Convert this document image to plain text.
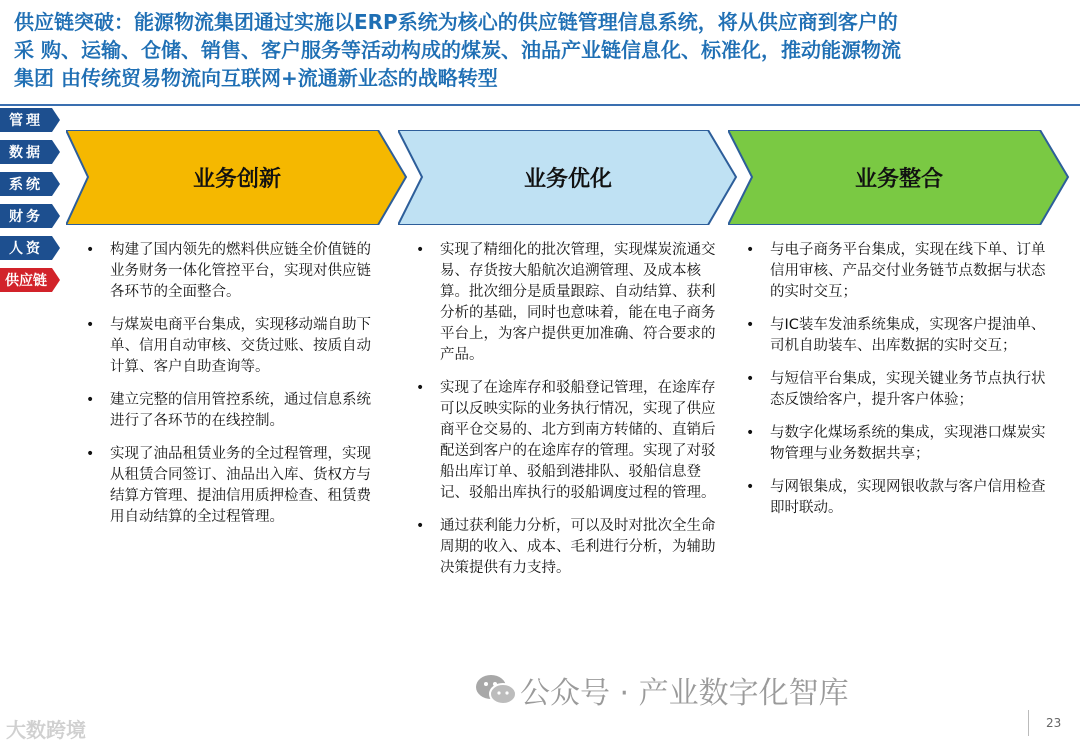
供应链突破：能源物流集团通过实施以ERP系统为核心的供应链管理信息系统，将从供应商到客户的
采 购、运输、仓储、销售、客户服务等活动构成的煤炭、油品产业链信息化、标准化，推动能源物流
集团 由传统贸易物流向互联网+流通新业态的战略转型
管理
数据
系统
财务
人资
供应链
业务创新	业务优化	业务整合
• 构建了国内领先的燃料供应链全价值链的业务财务一体化管控平台，实现对供应链各环节的全面整合。
• 与煤炭电商平台集成，实现移动端自助下单、信用自动审核、交货过账、按质自动计算、客户自助查询等。
• 建立完整的信用管控系统，通过信息系统进行了各环节的在线控制。
• 实现了油品租赁业务的全过程管理，实现从租赁合同签订、油品出入库、货权方与结算方管理、提油信用质押检查、租赁费用自动结算的全过程管理。
• 实现了精细化的批次管理，实现煤炭流通交易、存货按大船航次追溯管理、及成本核算。批次细分是质量跟踪、自动结算、获利分析的基础，同时也意味着，能在电子商务平台上，为客户提供更加准确、符合要求的产品。
• 实现了在途库存和驳船登记管理，在途库存可以反映实际的业务执行情况，实现了供应商平仓交易的、北方到南方转储的、直销后配送到客户的在途库存的管理。实现了对驳船出库订单、驳船到港排队、驳船信息登记、驳船出库执行的驳船调度过程的管理。
• 通过获利能力分析，可以及时对批次全生命周期的收入、成本、毛利进行分析，为辅助决策提供有力支持。
• 与电子商务平台集成，实现在线下单、订单信用审核、产品交付业务链节点数据与状态的实时交互；
• 与IC装车发油系统集成，实现客户提油单、司机自助装车、出库数据的实时交互；
• 与短信平台集成，实现关键业务节点执行状态反馈给客户，提升客户体验；
• 与数字化煤场系统的集成，实现港口煤炭实物管理与业务数据共享；
• 与网银集成，实现网银收款与客户信用检查即时联动。
公众号 · 产业数字化智库
大数跨境	23
